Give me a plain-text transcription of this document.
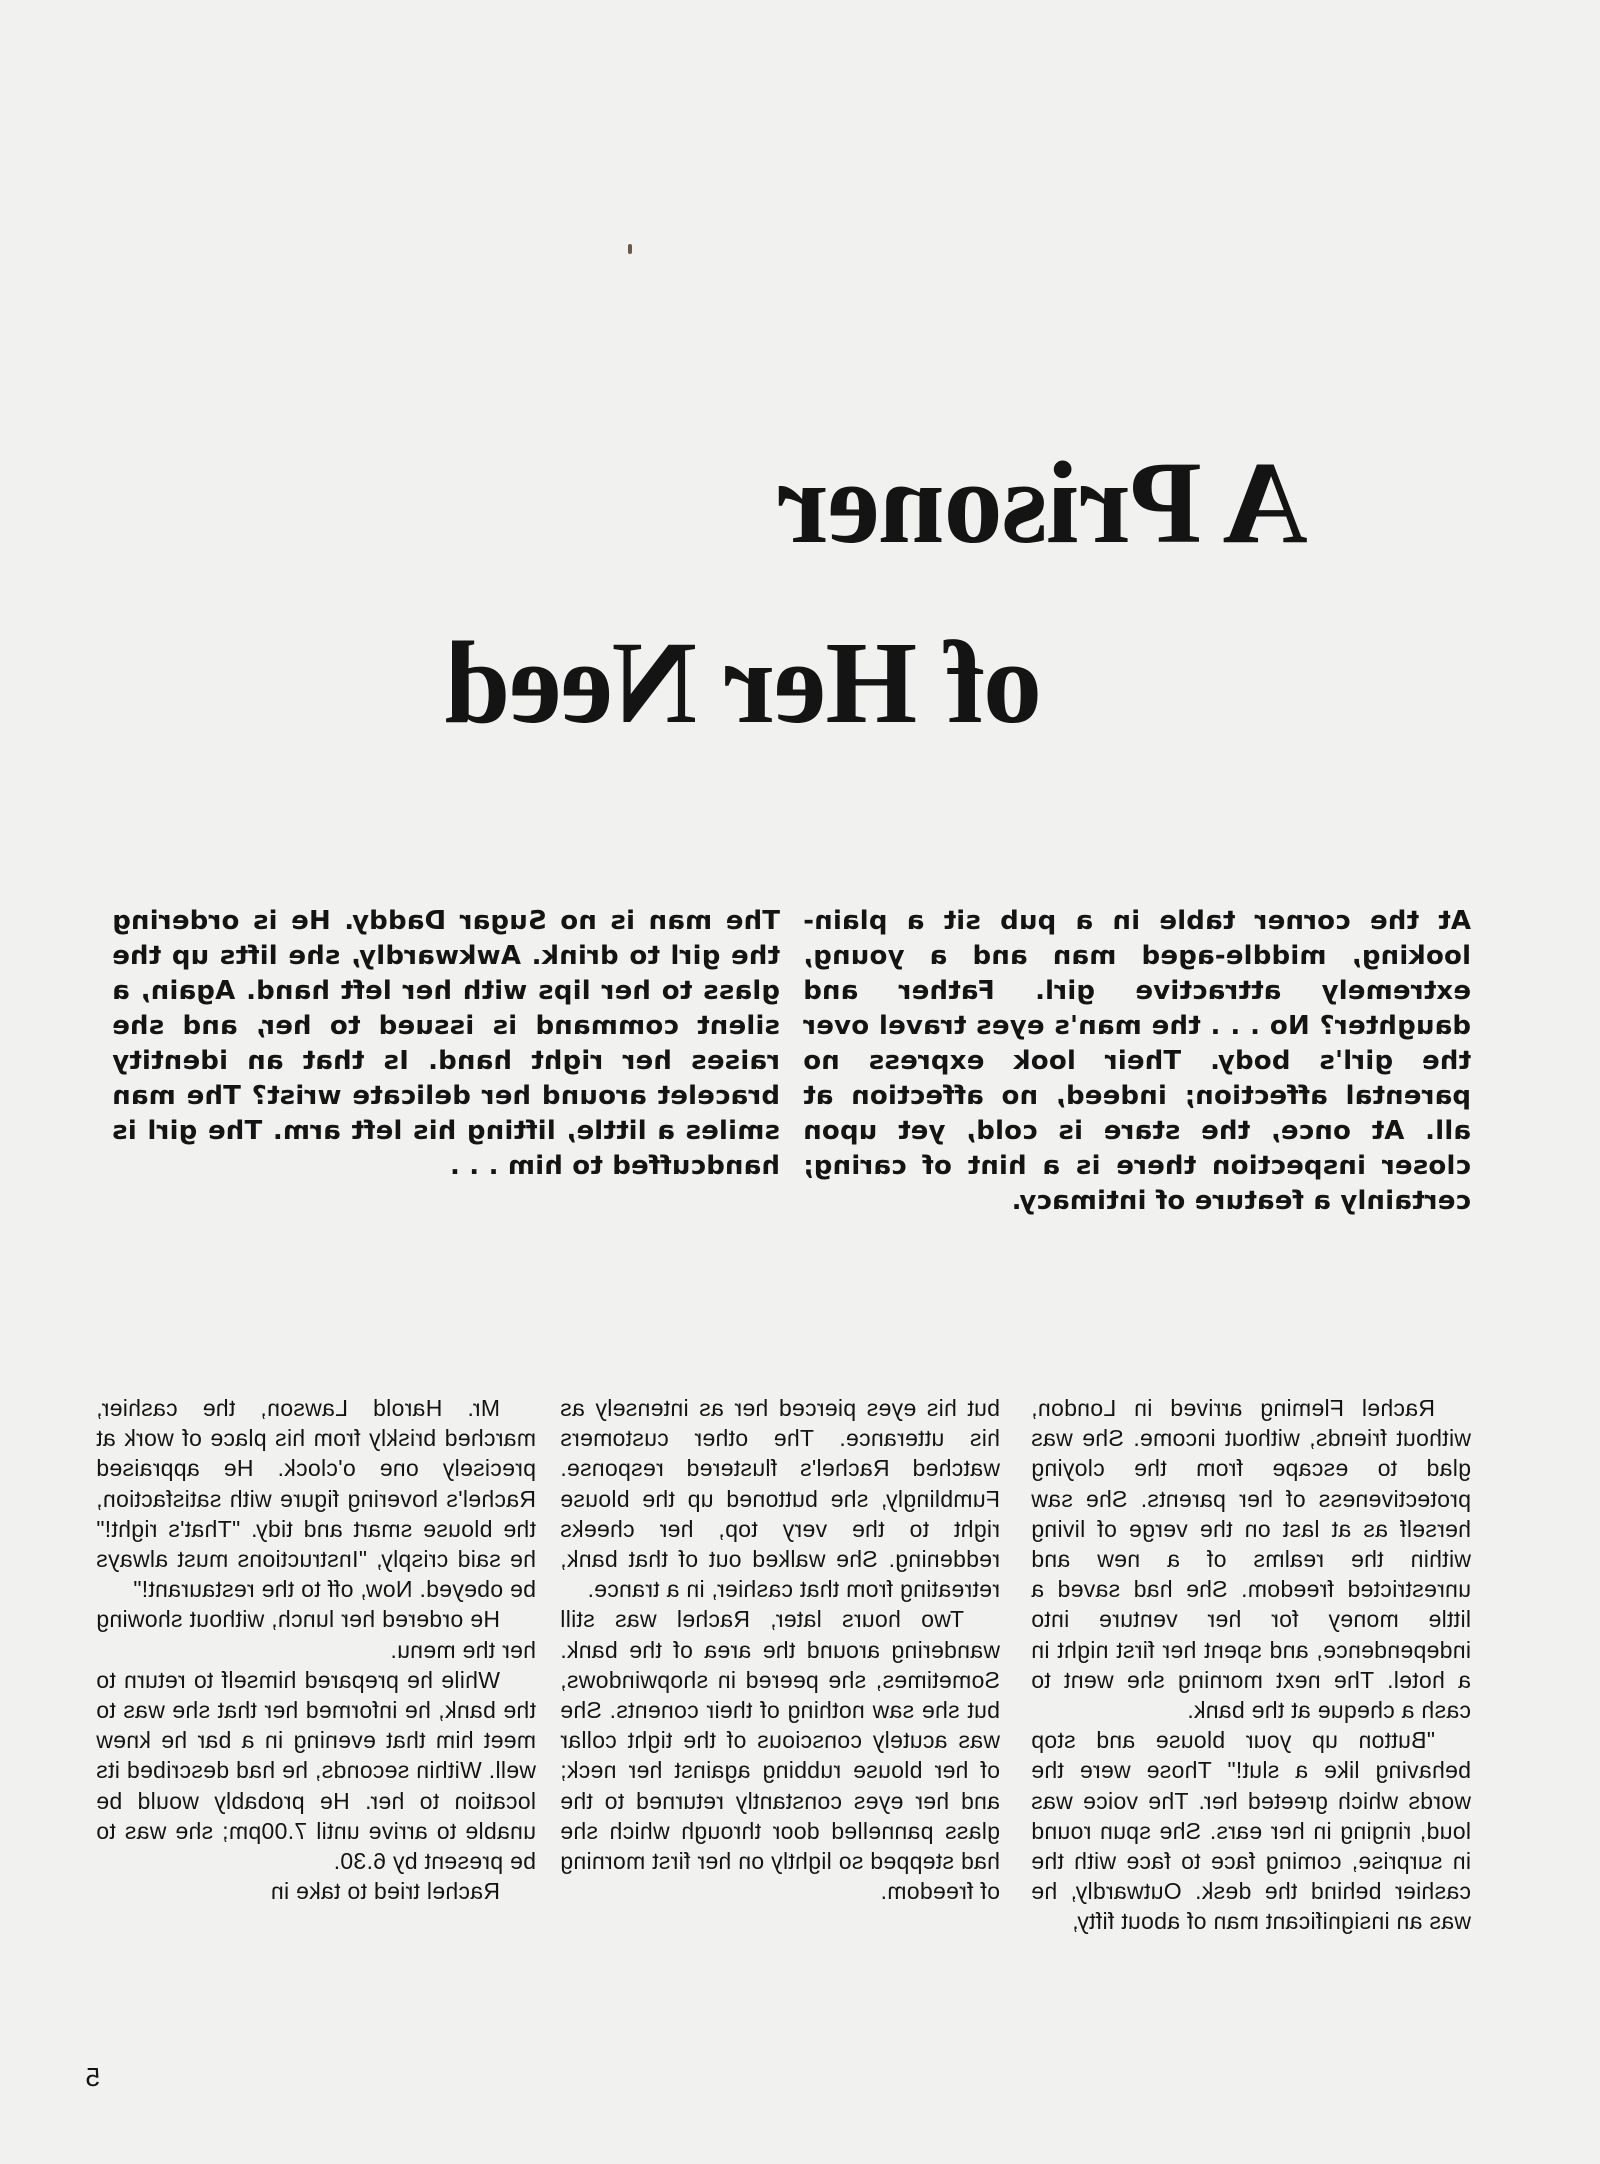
A Prisoner
of Her Need

At the corner table in a pub sit a plain-looking, middle-aged man and a young, extremely attractive girl. Father and daughter? No . . . the man's eyes travel over the girl's body. Their look express no parental affection; indeed, no affection at all. At once, the stare is cold, yet upon closer inspection there is a hint of caring; certainly a feature of intimacy.

The man is no Sugar Daddy. He is ordering the girl to drink. Awkwardly, she lifts up the glass to her lips with her left hand. Again, a silent command is issued to her, and she raises her right hand. Is that an identity bracelet around her delicate wrist? The man smiles a little, lifting his left arm. The girl is handcuffed to him . . .

Rachel Fleming arrived in London, without friends, without income. She was glad to escape from the cloying protectiveness of her parents. She saw herself as at last on the verge of living within the realms of a new and unrestricted freedom. She had saved a little money for her venture into independence, and spent her first night in a hotel. The next morning she went to cash a cheque at the bank.

"Button up your blouse and stop behaving like a slut!" Those were the words which greeted her. The voice was loud, ringing in her ears. She spun round in surprise, coming face to face with the cashier behind the desk. Outwardly, he was an insignificant man of about fifty,

but his eyes pierced her as intensely as his utterance. The other customers watched Rachel's flustered response. Fumblingly, she buttoned up the blouse right to the very top, her cheeks reddening. She walked out of that bank, retreating from that cashier, in a trance.

Two hours later, Rachel was still wandering around the area of the bank. Sometimes, she peered in shopwindows, but she saw nothing of their conents. She was acutely conscious of the tight collar of her blouse rubbing against her neck; and her eyes constantly returned to the glass pannelled door through which she had stepped so lightly on her first morning of freedom.

Mr. Harold Lawson, the cashier, marched briskly from his place of work at precisely one o'clock. He appraised Rachel's hovering figure with satisfaction, the blouse smart and tidy. "That's right!" he said crisply, "Instructions must always be obeyed. Now, off to the restaurant!"

He ordered her lunch, without showing her the menu.

While he prepared himself to return to the bank, he informed her that she was to meet him that evening in a bar he knew well. Within seconds, he had described its location to her. He probably would be unable to arrive until 7.00pm; she was to be present by 6.30.

Rachel tried to take in

5
